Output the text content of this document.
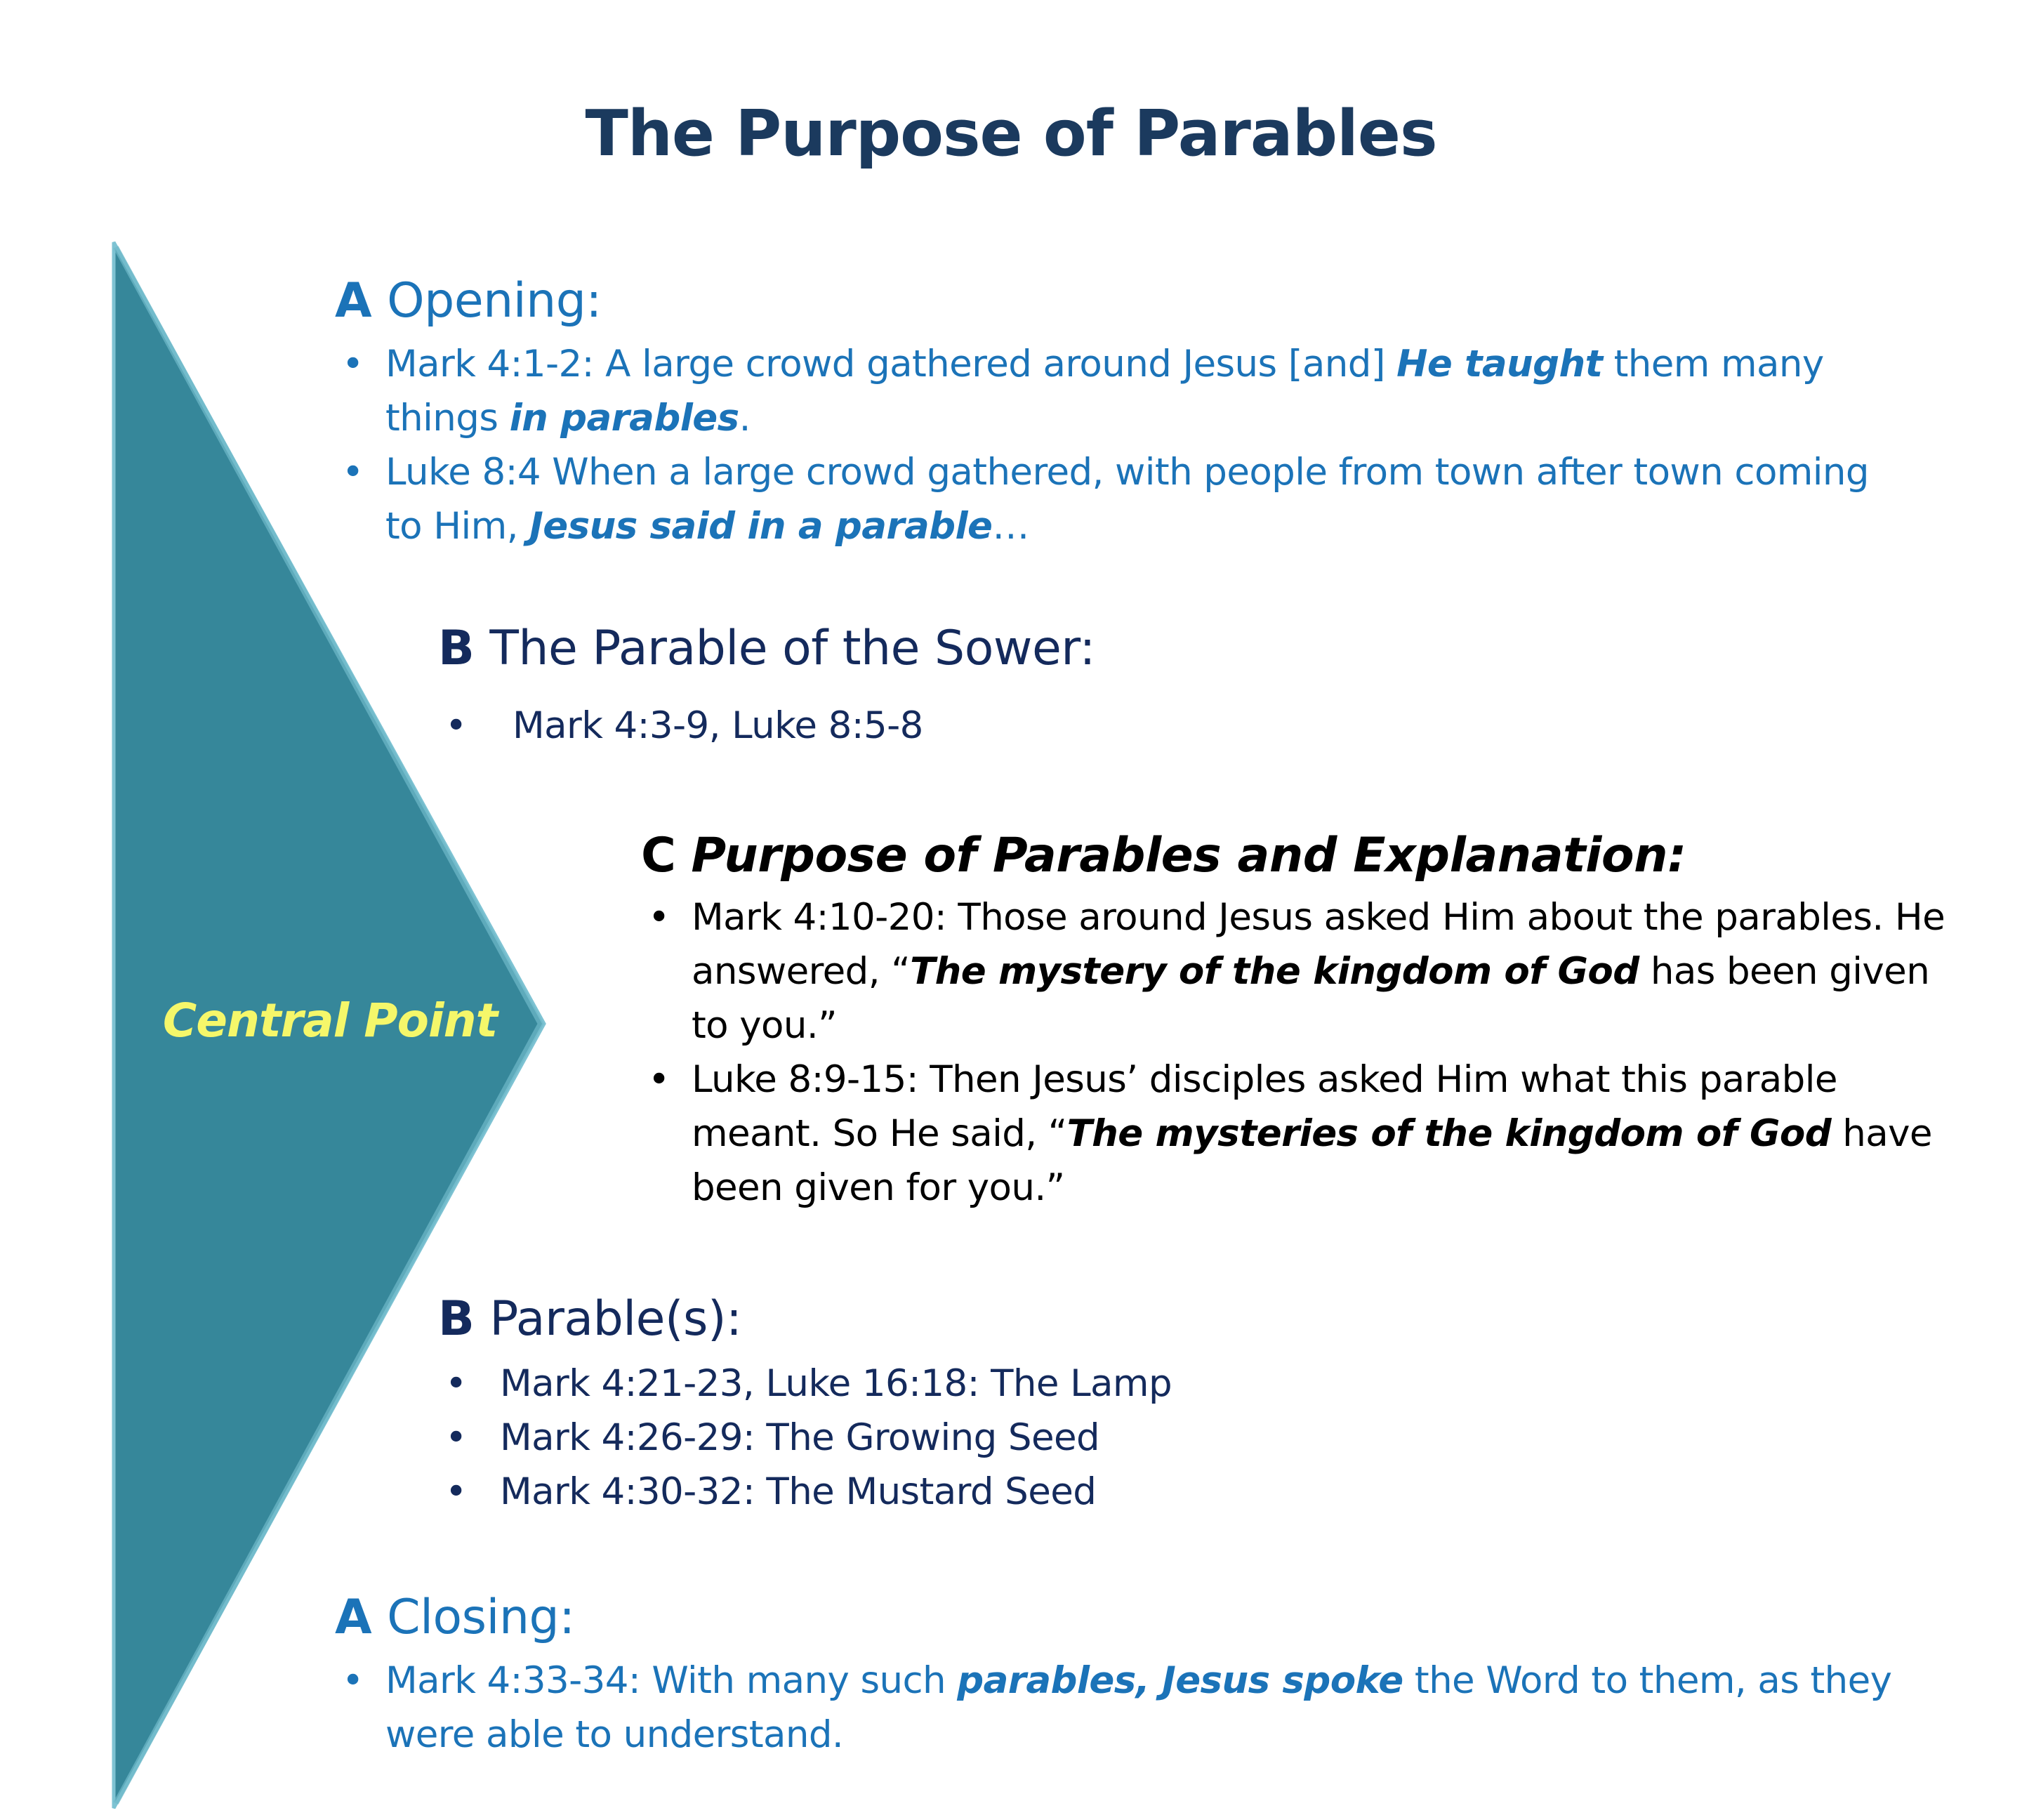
The Purpose of Parables
Central Point
A Opening:
• Mark 4:1-2: A large crowd gathered around Jesus [and] He taught them many things in parables.
• Luke 8:4 When a large crowd gathered, with people from town after town coming to Him, Jesus said in a parable…
B The Parable of the Sower:
• Mark 4:3-9, Luke 8:5-8
C Purpose of Parables and Explanation:
• Mark 4:10-20: Those around Jesus asked Him about the parables. He answered, “The mystery of the kingdom of God has been given to you.”
• Luke 8:9-15: Then Jesus’ disciples asked Him what this parable meant. So He said, “The mysteries of the kingdom of God have been given for you.”
B Parable(s):
• Mark 4:21-23, Luke 16:18: The Lamp
• Mark 4:26-29: The Growing Seed
• Mark 4:30-32: The Mustard Seed
A Closing:
• Mark 4:33-34: With many such parables, Jesus spoke the Word to them, as they were able to understand.
